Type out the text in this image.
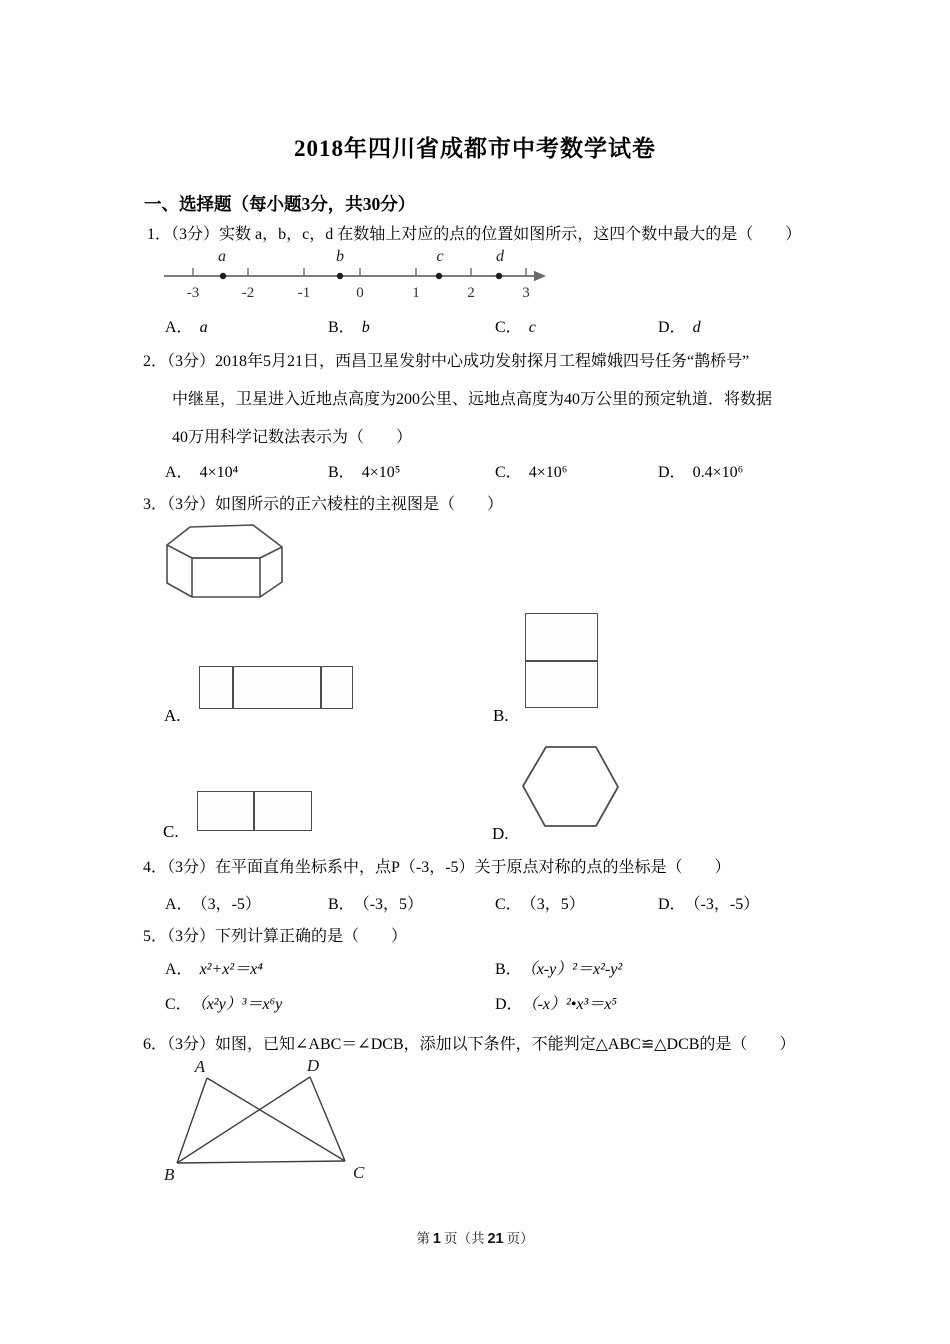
2018年四川省成都市中考数学试卷
一、选择题（每小题3分，共30分）
1．（3分）实数 a，b，c，d 在数轴上对应的点的位置如图所示，这四个数中最大的是（　　）
-3	-2	-1	0	1	2	3
a	b	c	d
A． a	B． b	C． c	D． d
2．（3分）2018年5月21日，西昌卫星发射中心成功发射探月工程嫦娥四号任务“鹊桥号”
中继星，卫星进入近地点高度为200公里、远地点高度为40万公里的预定轨道．将数据
40万用科学记数法表示为（　　）
A． 4×10⁴	B． 4×10⁵	C． 4×10⁶	D． 0.4×10⁶
3．（3分）如图所示的正六棱柱的主视图是（　　）
A.	B.
C.	D.
4．（3分）在平面直角坐标系中，点P（-3，-5）关于原点对称的点的坐标是（　　）
A． （3，-5）	B． （-3，5）	C． （3，5）	D． （-3，-5）
5．（3分）下列计算正确的是（　　）
A． x²+x²＝x⁴	B． （x-y）²＝x²-y²
C． （x²y）³＝x⁶y	D． （-x）²•x³＝x⁵
6．（3分）如图，已知∠ABC＝∠DCB，添加以下条件，不能判定△ABC≌△DCB的是（　　）
A	D
B	C
第 1 页（共 21 页）
